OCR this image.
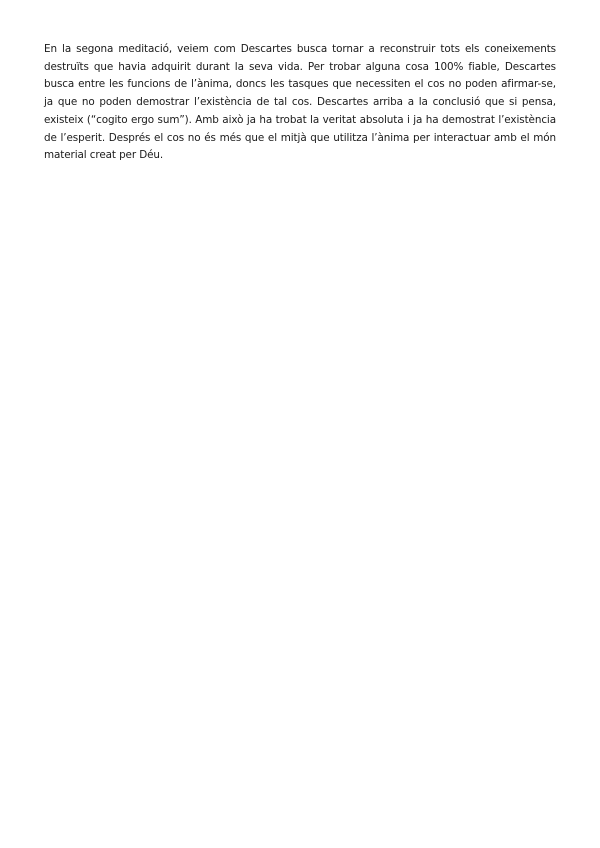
En la segona meditació, veiem com Descartes busca tornar a reconstruir tots els coneixements destruïts que havia adquirit durant la seva vida. Per trobar alguna cosa 100% fiable, Descartes busca entre les funcions de l’ànima, doncs les tasques que necessiten el cos no poden afirmar-se, ja que no poden demostrar l’existència de tal cos. Descartes arriba a la conclusió que si pensa, existeix (“cogito ergo sum”). Amb això ja ha trobat la veritat absoluta i ja ha demostrat l’existència de l’esperit. Després el cos no és més que el mitjà que utilitza l’ànima per interactuar amb el món material creat per Déu.
